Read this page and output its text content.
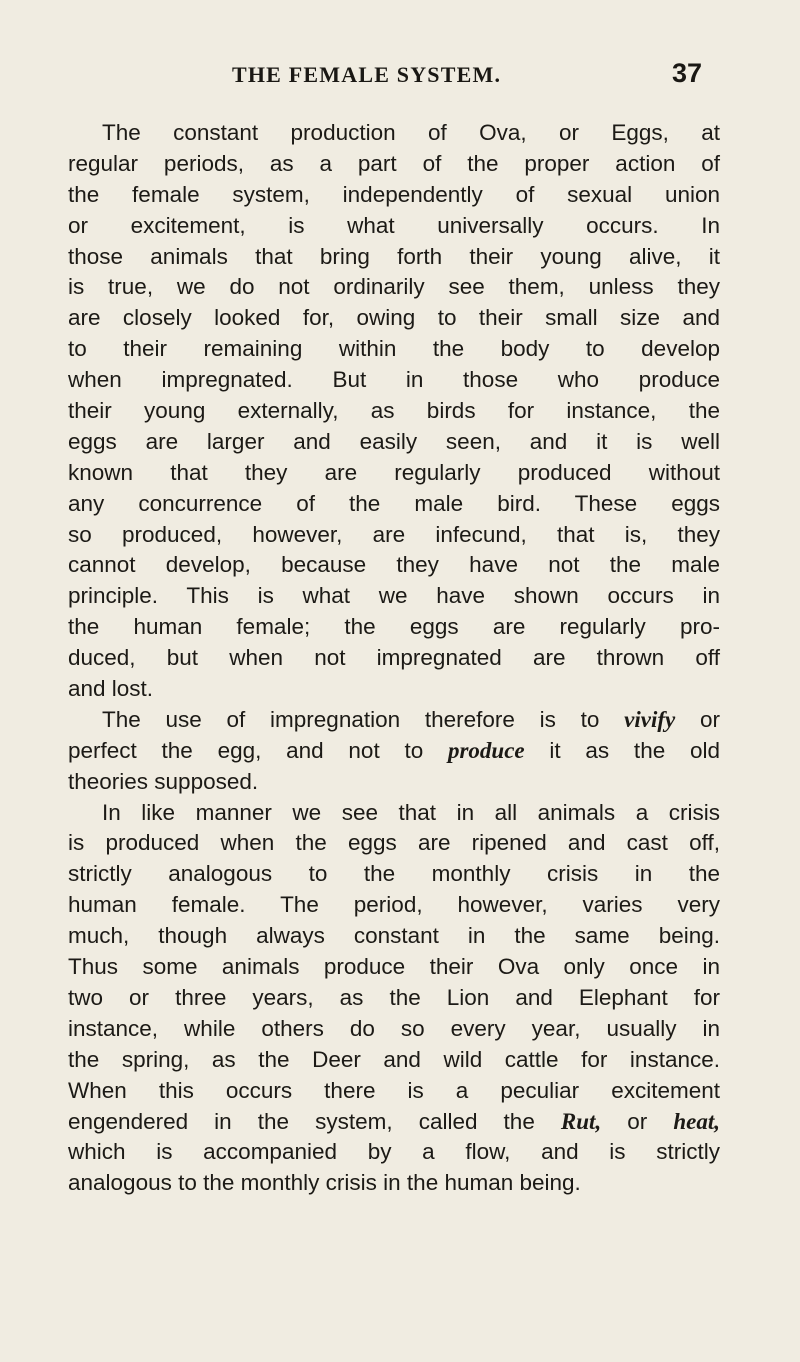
THE FEMALE SYSTEM.	37
The constant production of Ova, or Eggs, at
regular periods, as a part of the proper action of
the female system, independently of sexual union
or excitement, is what universally occurs. In
those animals that bring forth their young alive, it
is true, we do not ordinarily see them, unless they
are closely looked for, owing to their small size and
to their remaining within the body to develop
when impregnated. But in those who produce
their young externally, as birds for instance, the
eggs are larger and easily seen, and it is well
known that they are regularly produced without
any concurrence of the male bird. These eggs
so produced, however, are infecund, that is, they
cannot develop, because they have not the male
principle. This is what we have shown occurs in
the human female; the eggs are regularly pro-
duced, but when not impregnated are thrown off
and lost.
The use of impregnation therefore is to vivify or
perfect the egg, and not to produce it as the old
theories supposed.
In like manner we see that in all animals a crisis
is produced when the eggs are ripened and cast off,
strictly analogous to the monthly crisis in the
human female. The period, however, varies very
much, though always constant in the same being.
Thus some animals produce their Ova only once in
two or three years, as the Lion and Elephant for
instance, while others do so every year, usually in
the spring, as the Deer and wild cattle for instance.
When this occurs there is a peculiar excitement
engendered in the system, called the Rut, or heat,
which is accompanied by a flow, and is strictly
analogous to the monthly crisis in the human being.
